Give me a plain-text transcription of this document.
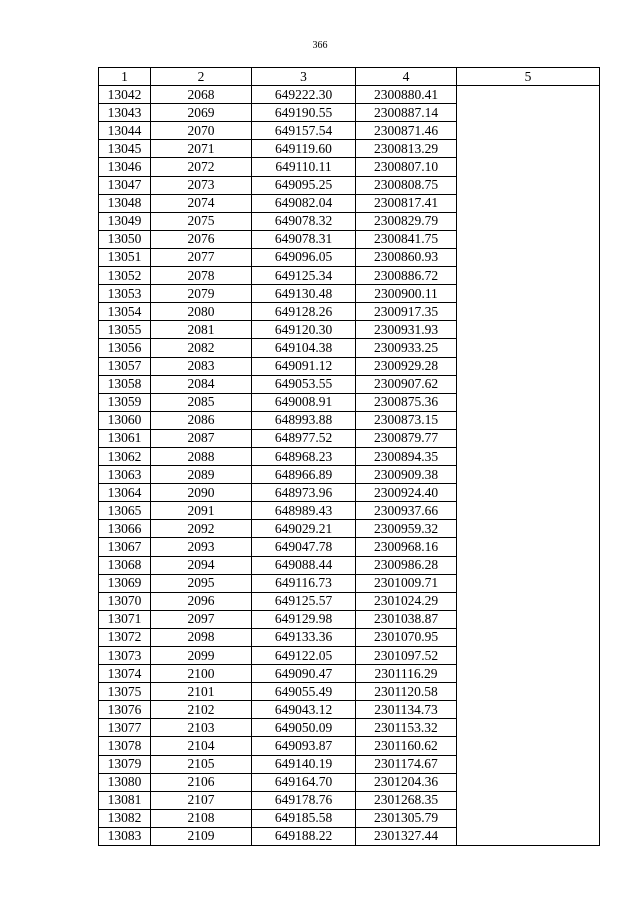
366
1	2	3	4	5
13042	2068	649222.30	2300880.41	
13043	2069	649190.55	2300887.14	
13044	2070	649157.54	2300871.46	
13045	2071	649119.60	2300813.29	
13046	2072	649110.11	2300807.10	
13047	2073	649095.25	2300808.75	
13048	2074	649082.04	2300817.41	
13049	2075	649078.32	2300829.79	
13050	2076	649078.31	2300841.75	
13051	2077	649096.05	2300860.93	
13052	2078	649125.34	2300886.72	
13053	2079	649130.48	2300900.11	
13054	2080	649128.26	2300917.35	
13055	2081	649120.30	2300931.93	
13056	2082	649104.38	2300933.25	
13057	2083	649091.12	2300929.28	
13058	2084	649053.55	2300907.62	
13059	2085	649008.91	2300875.36	
13060	2086	648993.88	2300873.15	
13061	2087	648977.52	2300879.77	
13062	2088	648968.23	2300894.35	
13063	2089	648966.89	2300909.38	
13064	2090	648973.96	2300924.40	
13065	2091	648989.43	2300937.66	
13066	2092	649029.21	2300959.32	
13067	2093	649047.78	2300968.16	
13068	2094	649088.44	2300986.28	
13069	2095	649116.73	2301009.71	
13070	2096	649125.57	2301024.29	
13071	2097	649129.98	2301038.87	
13072	2098	649133.36	2301070.95	
13073	2099	649122.05	2301097.52	
13074	2100	649090.47	2301116.29	
13075	2101	649055.49	2301120.58	
13076	2102	649043.12	2301134.73	
13077	2103	649050.09	2301153.32	
13078	2104	649093.87	2301160.62	
13079	2105	649140.19	2301174.67	
13080	2106	649164.70	2301204.36	
13081	2107	649178.76	2301268.35	
13082	2108	649185.58	2301305.79	
13083	2109	649188.22	2301327.44	
